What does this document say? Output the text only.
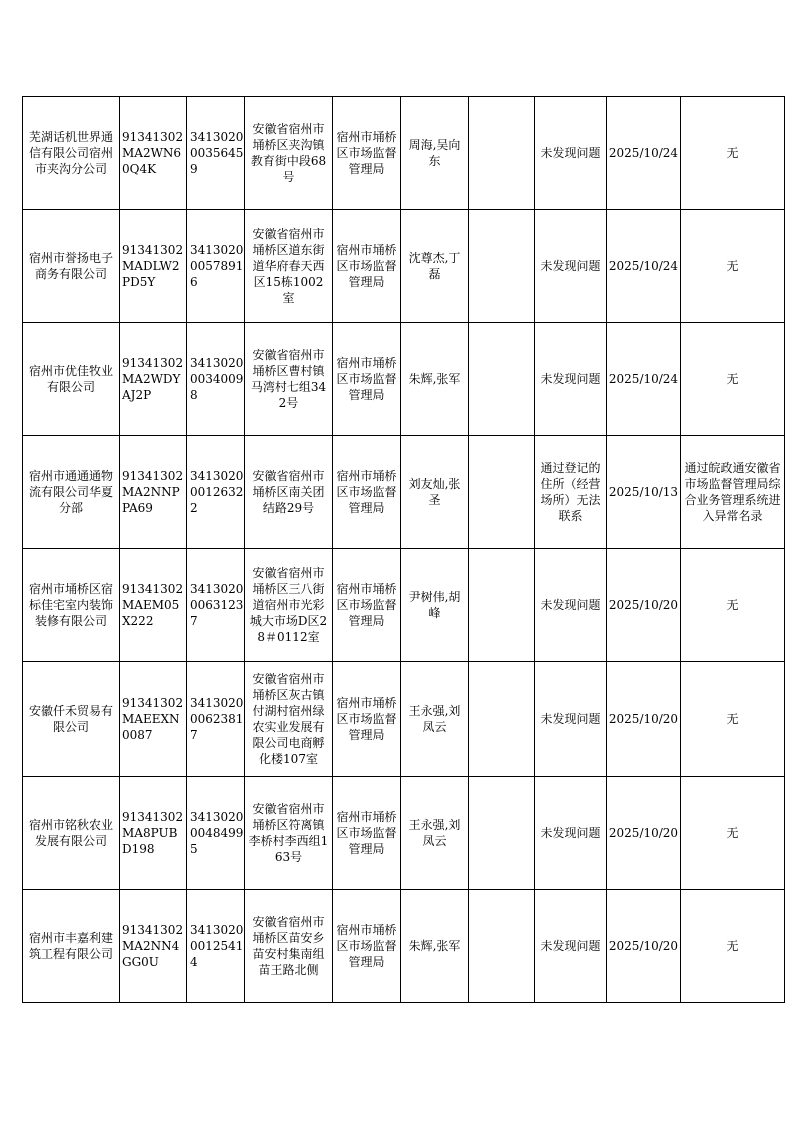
芜湖话机世界通信有限公司宿州市夹沟分公司	91341302MA2WN60Q4K	341302000356459	安徽省宿州市埇桥区夹沟镇教育街中段68号	宿州市埇桥区市场监督管理局	周海,吴向东		未发现问题	2025/10/24	无
宿州市誉扬电子商务有限公司	91341302MADLW2PD5Y	341302000578916	安徽省宿州市埇桥区道东街道华府春天西区15栋1002室	宿州市埇桥区市场监督管理局	沈尊杰,丁磊		未发现问题	2025/10/24	无
宿州市优佳牧业有限公司	91341302MA2WDYAJ2P	341302000340098	安徽省宿州市埇桥区曹村镇马湾村七组342号	宿州市埇桥区市场监督管理局	朱辉,张军		未发现问题	2025/10/24	无
宿州市通通通物流有限公司华夏分部	91341302MA2NNPPA69	341302000126322	安徽省宿州市埇桥区南关团结路29号	宿州市埇桥区市场监督管理局	刘友灿,张圣		通过登记的住所（经营场所）无法联系	2025/10/13	通过皖政通安徽省市场监督管理局综合业务管理系统进入异常名录
宿州市埇桥区宿标佳宅室内装饰装修有限公司	91341302MAEM05X222	341302000631237	安徽省宿州市埇桥区三八街道宿州市光彩城大市场D区28＃0112室	宿州市埇桥区市场监督管理局	尹树伟,胡峰		未发现问题	2025/10/20	无
安徽仟禾贸易有限公司	91341302MAEEXN0087	341302000623817	安徽省宿州市埇桥区灰古镇付湖村宿州绿农实业发展有限公司电商孵化楼107室	宿州市埇桥区市场监督管理局	王永强,刘凤云		未发现问题	2025/10/20	无
宿州市铭秋农业发展有限公司	91341302MA8PUBD198	341302000484995	安徽省宿州市埇桥区符离镇李桥村李西组163号	宿州市埇桥区市场监督管理局	王永强,刘凤云		未发现问题	2025/10/20	无
宿州市丰嘉利建筑工程有限公司	91341302MA2NN4GG0U	341302000125414	安徽省宿州市埇桥区苗安乡苗安村集南组苗王路北侧	宿州市埇桥区市场监督管理局	朱辉,张军		未发现问题	2025/10/20	无
